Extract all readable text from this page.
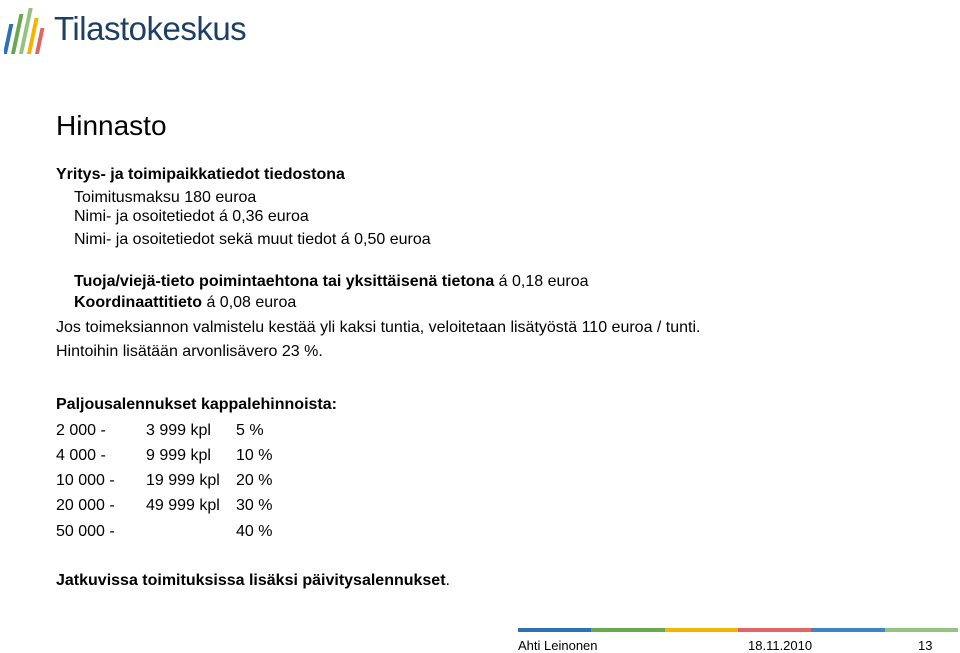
Tilastokeskus
Hinnasto
Yritys- ja toimipaikkatiedot tiedostona
Toimitusmaksu 180 euroa
Nimi- ja osoitetiedot á 0,36 euroa
Nimi- ja osoitetiedot sekä muut tiedot á 0,50 euroa
Tuoja/viejä-tieto poimintaehtona tai yksittäisenä tietona á 0,18 euroa
Koordinaattitieto á 0,08 euroa
Jos toimeksiannon valmistelu kestää yli kaksi tuntia, veloitetaan lisätyöstä 110 euroa / tunti.
Hintoihin lisätään arvonlisävero 23 %.
Paljousalennukset kappalehinnoista:
2 000 -	3 999 kpl 5 %
4 000 -	9 999 kpl 10 %
10 000 - 19 999 kpl 20 %
20 000 - 49 999 kpl 30 %
50 000 -	40 %
Jatkuvissa toimituksissa lisäksi päivitysalennukset.
Ahti Leinonen	18.11.2010	13
